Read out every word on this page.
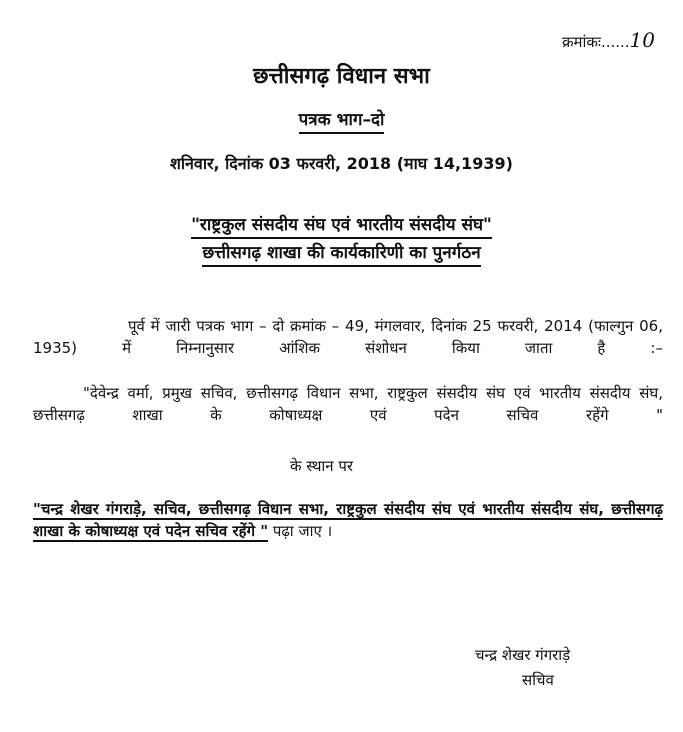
क्रमांकः......10
छत्तीसगढ़ विधान सभा
पत्रक भाग–दो
शनिवार, दिनांक 03 फरवरी, 2018 (माघ 14,1939)
"राष्ट्रकुल संसदीय संघ एवं भारतीय संसदीय संघ"
छत्तीसगढ़ शाखा की कार्यकारिणी का पुनर्गठन
पूर्व में जारी पत्रक भाग – दो क्रमांक – 49, मंगलवार, दिनांक 25 फरवरी, 2014 (फाल्गुन 06, 1935) में निम्नानुसार आंशिक संशोधन किया जाता है :–
"देवेन्द्र वर्मा, प्रमुख सचिव, छत्तीसगढ़ विधान सभा, राष्ट्रकुल संसदीय संघ एवं भारतीय संसदीय संघ, छत्तीसगढ़ शाखा के कोषाध्यक्ष एवं पदेन सचिव रहेंगे "
के स्थान पर
"चन्द्र शेखर गंगराड़े, सचिव, छत्तीसगढ़ विधान सभा, राष्ट्रकुल संसदीय संघ एवं भारतीय संसदीय संघ, छत्तीसगढ़ शाखा के कोषाध्यक्ष एवं पदेन सचिव रहेंगे " पढ़ा जाए ।
चन्द्र शेखर गंगराड़े
सचिव
